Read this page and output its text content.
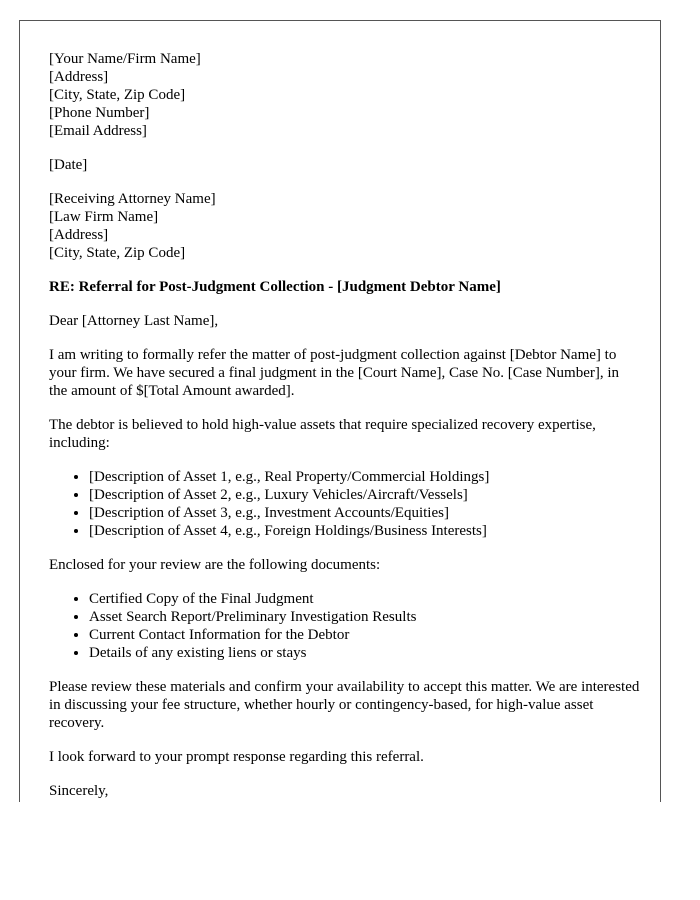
[Your Name/Firm Name]
[Address]
[City, State, Zip Code]
[Phone Number]
[Email Address]
[Date]
[Receiving Attorney Name]
[Law Firm Name]
[Address]
[City, State, Zip Code]
RE: Referral for Post-Judgment Collection - [Judgment Debtor Name]

Dear [Attorney Last Name],

I am writing to formally refer the matter of post-judgment collection against [Debtor Name] to your firm. We have secured a final judgment in the [Court Name], Case No. [Case Number], in the amount of $[Total Amount awarded].

The debtor is believed to hold high-value assets that require specialized recovery expertise, including:

• [Description of Asset 1, e.g., Real Property/Commercial Holdings]
• [Description of Asset 2, e.g., Luxury Vehicles/Aircraft/Vessels]
• [Description of Asset 3, e.g., Investment Accounts/Equities]
• [Description of Asset 4, e.g., Foreign Holdings/Business Interests]

Enclosed for your review are the following documents:

• Certified Copy of the Final Judgment
• Asset Search Report/Preliminary Investigation Results
• Current Contact Information for the Debtor
• Details of any existing liens or stays

Please review these materials and confirm your availability to accept this matter. We are interested in discussing your fee structure, whether hourly or contingency-based, for high-value asset recovery.

I look forward to your prompt response regarding this referral.

Sincerely,
